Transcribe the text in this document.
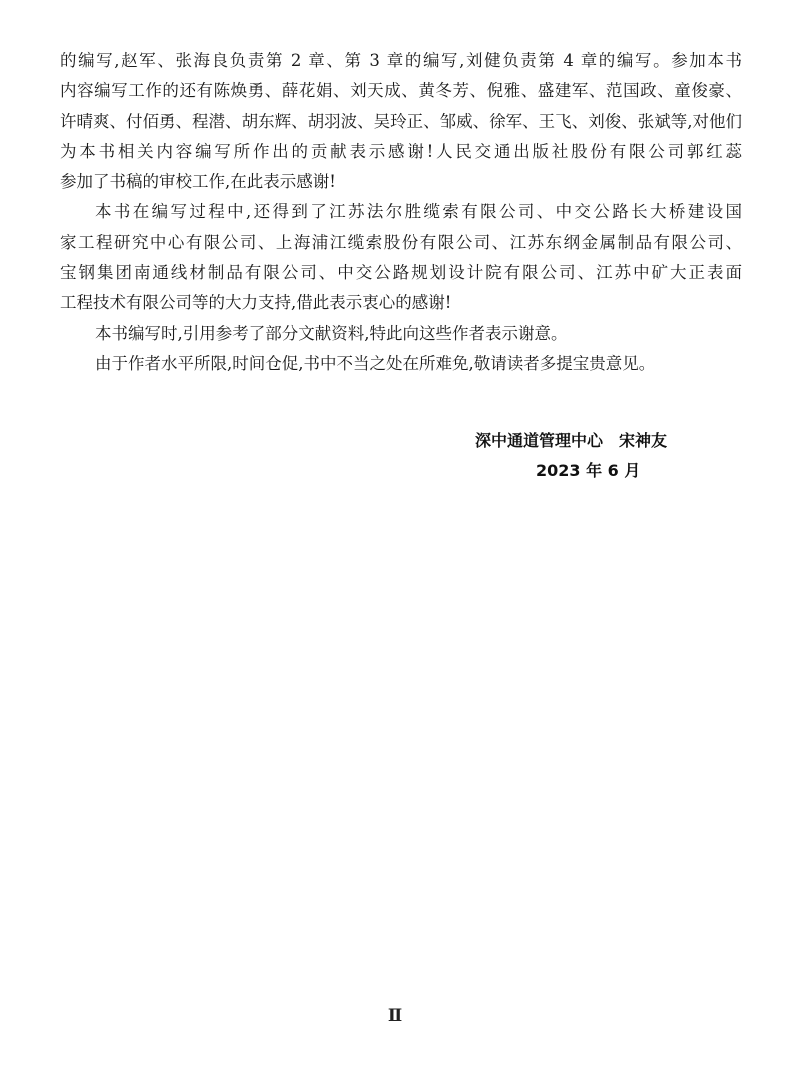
的编写,赵军、张海良负责第 2 章、第 3 章的编写,刘健负责第 4 章的编写。参加本书
内容编写工作的还有陈焕勇、薛花娟、刘天成、黄冬芳、倪雅、盛建军、范国政、童俊豪、
许晴爽、付佰勇、程潜、胡东辉、胡羽波、吴玲正、邹威、徐军、王飞、刘俊、张斌等,对他们
为本书相关内容编写所作出的贡献表示感谢!人民交通出版社股份有限公司郭红蕊
参加了书稿的审校工作,在此表示感谢!
本书在编写过程中,还得到了江苏法尔胜缆索有限公司、中交公路长大桥建设国
家工程研究中心有限公司、上海浦江缆索股份有限公司、江苏东纲金属制品有限公司、
宝钢集团南通线材制品有限公司、中交公路规划设计院有限公司、江苏中矿大正表面
工程技术有限公司等的大力支持,借此表示衷心的感谢!
本书编写时,引用参考了部分文献资料,特此向这些作者表示谢意。
由于作者水平所限,时间仓促,书中不当之处在所难免,敬请读者多提宝贵意见。
深中通道管理中心　宋神友
2023 年 6 月
Ⅱ
